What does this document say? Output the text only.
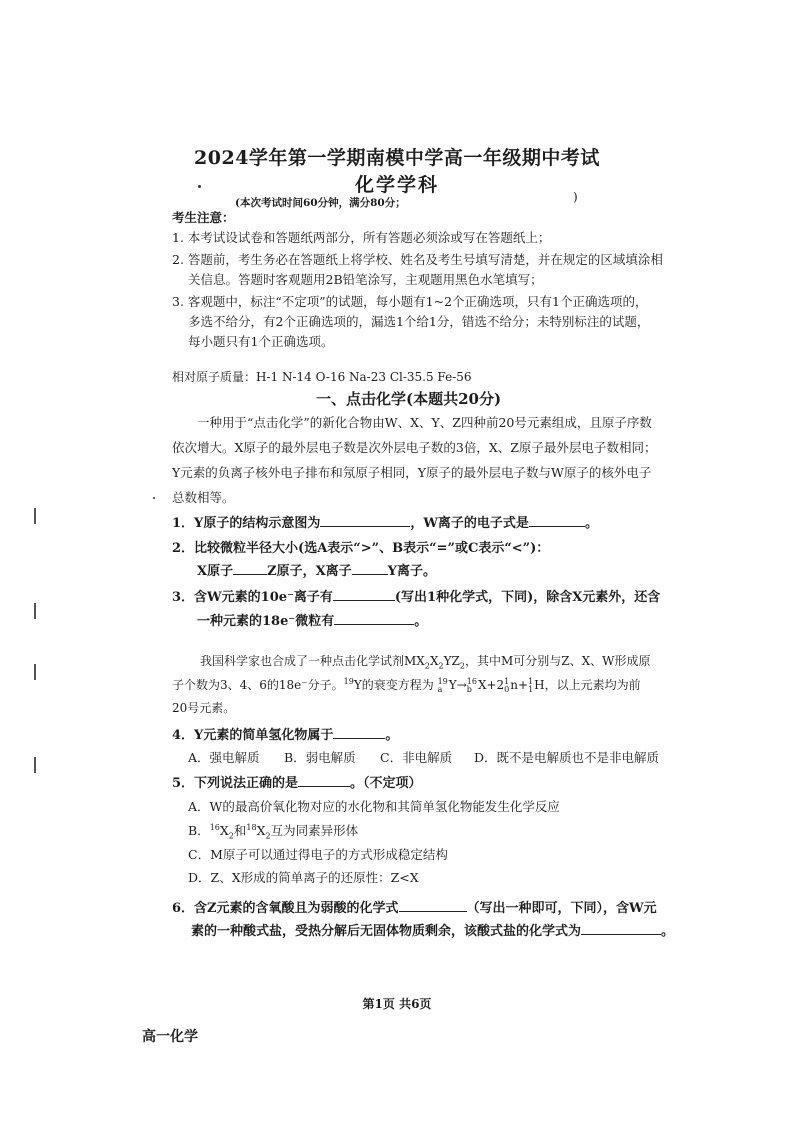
2024学年第一学期南模中学高一年级期中考试
化学学科
(本次考试时间60分钟，满分80分；	)
考生注意：
1. 本考试设试卷和答题纸两部分，所有答题必须涂或写在答题纸上；
2. 答题前，考生务必在答题纸上将学校、姓名及考生号填写清楚，并在规定的区域填涂相
关信息。答题时客观题用2B铅笔涂写，主观题用黑色水笔填写；
3. 客观题中，标注“不定项”的试题，每小题有1~2个正确选项，只有1个正确选项的，
多选不给分，有2个正确选项的，漏选1个给1分，错选不给分；未特别标注的试题，
每小题只有1个正确选项。
相对原子质量：H-1 N-14 O-16 Na-23 Cl-35.5 Fe-56
一、点击化学(本题共20分)
一种用于“点击化学”的新化合物由W、X、Y、Z四种前20号元素组成，且原子序数
依次增大。X原子的最外层电子数是次外层电子数的3倍，X、Z原子最外层电子数相同；
Y元素的负离子核外电子排布和氖原子相同，Y原子的最外层电子数与W原子的核外电子
总数相等。
1．Y原子的结构示意图为	，W离子的电子式是	。
2．比较微粒半径大小(选A表示“>”、B表示“=”或C表示“<”)：
X原子	Z原子，X离子	Y离子。
3．含W元素的10e⁻离子有	(写出1种化学式，下同)，除含X元素外，还含
一种元素的18e⁻微粒有	。
我国科学家也合成了一种点击化学试剂$MX_2X_2YZ_2$，其中M可分别与Z、X、W形成原
子个数为3、4、6的18e⁻分子。$^{19}$Y的衰变方程为 19
a Y→16
b X+21
0n+1
1H，以上元素均为前
20号元素。
4．Y元素的简单氢化物属于	。
A．强电解质 B．弱电解质 C．非电解质 D．既不是电解质也不是非电解质
5．下列说法正确的是	。（不定项）
A．W的最高价氧化物对应的水化物和其简单氢化物能发生化学反应
B．$^{16}X_2$和$^{18}X_2$互为同素异形体
C．M原子可以通过得电子的方式形成稳定结构
D．Z、X形成的简单离子的还原性：Z<X
6．含Z元素的含氧酸且为弱酸的化学式	（写出一种即可，下同），含W元
素的一种酸式盐，受热分解后无固体物质剩余，该酸式盐的化学式为	。
第1页 共6页
高一化学
